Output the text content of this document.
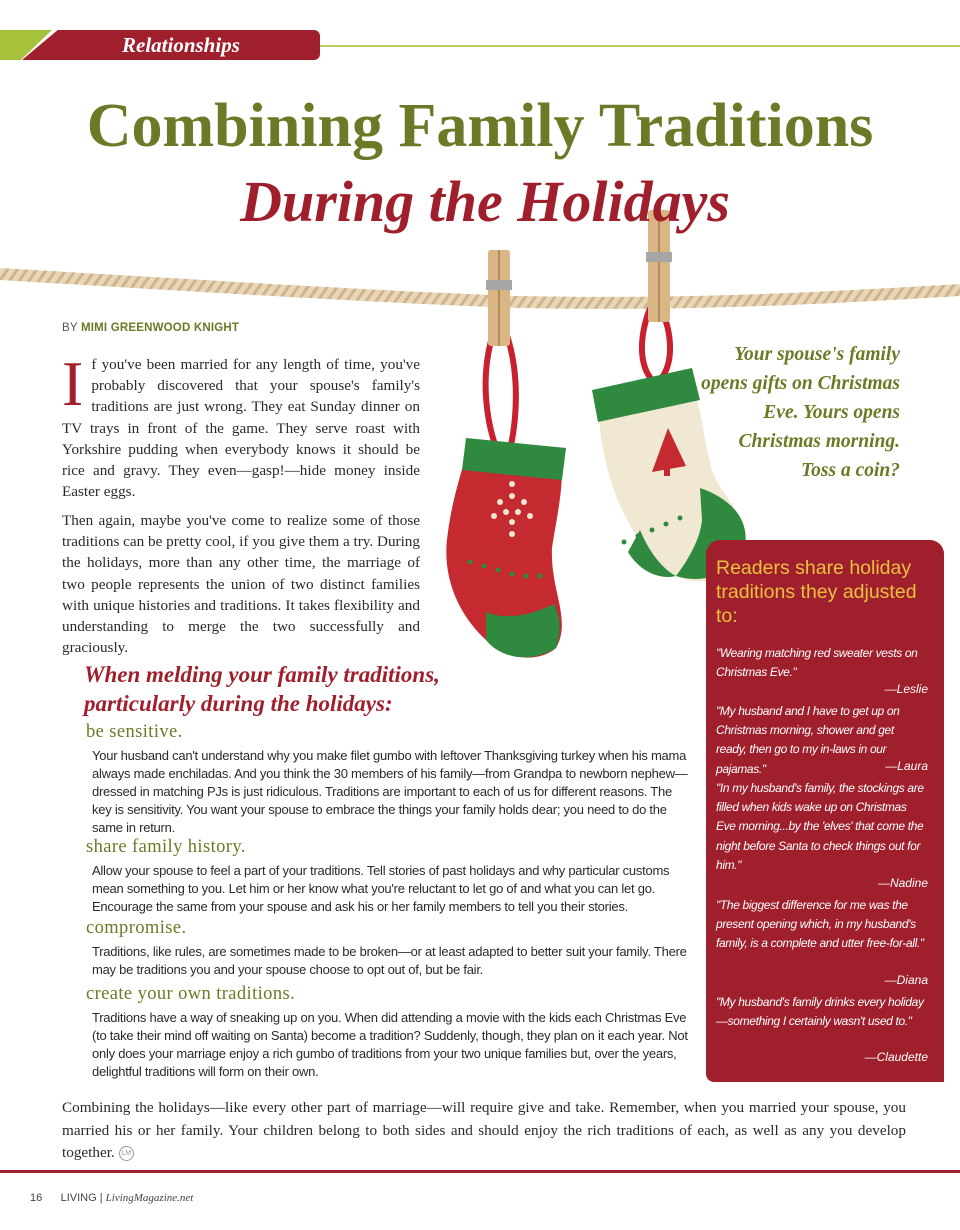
Relationships
Combining Family Traditions
During the Holidays
BY MIMI GREENWOOD KNIGHT
If you've been married for any length of time, you've probably discovered that your spouse's family's traditions are just wrong. They eat Sunday dinner on TV trays in front of the game. They serve roast with Yorkshire pudding when everybody knows it should be rice and gravy. They even—gasp!—hide money inside Easter eggs.
Then again, maybe you've come to realize some of those traditions can be pretty cool, if you give them a try. During the holidays, more than any other time, the marriage of two people represents the union of two distinct families with unique histories and traditions. It takes flexibility and understanding to merge the two successfully and graciously.
Your spouse's family opens gifts on Christmas Eve. Yours opens Christmas morning. Toss a coin?
When melding your family traditions, particularly during the holidays:
be sensitive.
Your husband can't understand why you make filet gumbo with leftover Thanksgiving turkey when his mama always made enchiladas. And you think the 30 members of his family—from Grandpa to newborn nephew—dressed in matching PJs is just ridiculous. Traditions are important to each of us for different reasons. The key is sensitivity. You want your spouse to embrace the things your family holds dear; you need to do the same in return.
share family history.
Allow your spouse to feel a part of your traditions. Tell stories of past holidays and why particular customs mean something to you. Let him or her know what you're reluctant to let go of and what you can let go. Encourage the same from your spouse and ask his or her family members to tell you their stories.
compromise.
Traditions, like rules, are sometimes made to be broken—or at least adapted to better suit your family. There may be traditions you and your spouse choose to opt out of, but be fair.
create your own traditions.
Traditions have a way of sneaking up on you. When did attending a movie with the kids each Christmas Eve (to take their mind off waiting on Santa) become a tradition? Suddenly, though, they plan on it each year. Not only does your marriage enjoy a rich gumbo of traditions from your two unique families but, over the years, delightful traditions will form on their own.
Readers share holiday traditions they adjusted to:
"Wearing matching red sweater vests on Christmas Eve."
—Leslie
"My husband and I have to get up on Christmas morning, shower and get ready, then go to my in-laws in our pajamas."	—Laura
"In my husband's family, the stockings are filled when kids wake up on Christmas Eve morning...by the 'elves' that come the night before Santa to check things out for him."
—Nadine
"The biggest difference for me was the present opening which, in my husband's family, is a complete and utter free-for-all."
—Diana
"My husband's family drinks every holiday—something I certainly wasn't used to."
—Claudette
Combining the holidays—like every other part of marriage—will require give and take. Remember, when you married your spouse, you married his or her family. Your children belong to both sides and should enjoy the rich traditions of each, as well as any you develop together. LM
16 LIVING | LivingMagazine.net
